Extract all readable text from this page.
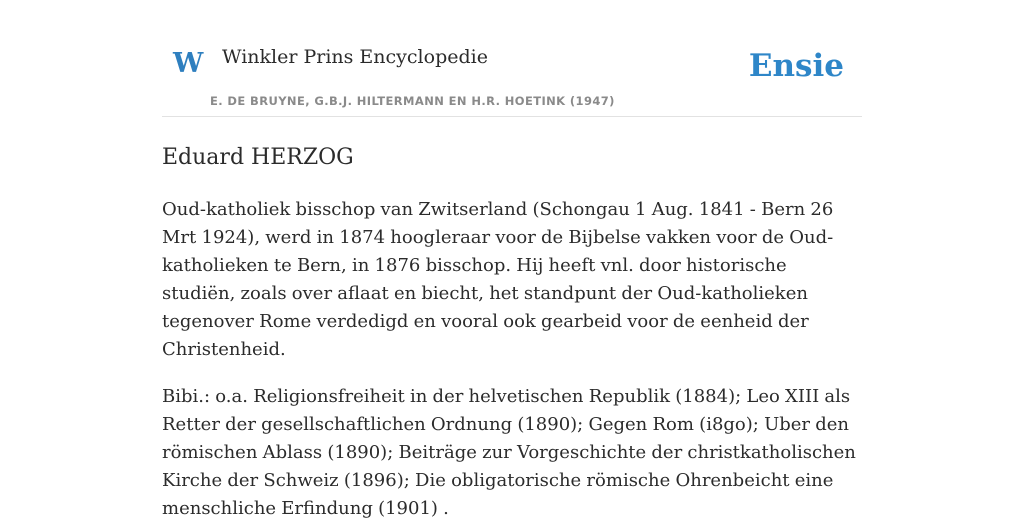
W Winkler Prins Encyclopedie
E. DE BRUYNE, G.B.J. HILTERMANN EN H.R. HOETINK (1947)
Ensie
Eduard HERZOG

Oud-katholiek bisschop van Zwitserland (Schongau 1 Aug. 1841 - Bern 26 Mrt 1924), werd in 1874 hoogleraar voor de Bijbelse vakken voor de Oud-katholieken te Bern, in 1876 bisschop. Hij heeft vnl. door historische studiën, zoals over aflaat en biecht, het standpunt der Oud-katholieken tegenover Rome verdedigd en vooral ook gearbeid voor de eenheid der Christenheid.

Bibi.: o.a. Religionsfreiheit in der helvetischen Republik (1884); Leo XIII als Retter der gesellschaftlichen Ordnung (1890); Gegen Rom (i8go); Uber den römischen Ablass (1890); Beiträge zur Vorgeschichte der christkatholischen Kirche der Schweiz (1896); Die obligatorische römische Ohrenbeicht eine menschliche Erfindung (1901) .
